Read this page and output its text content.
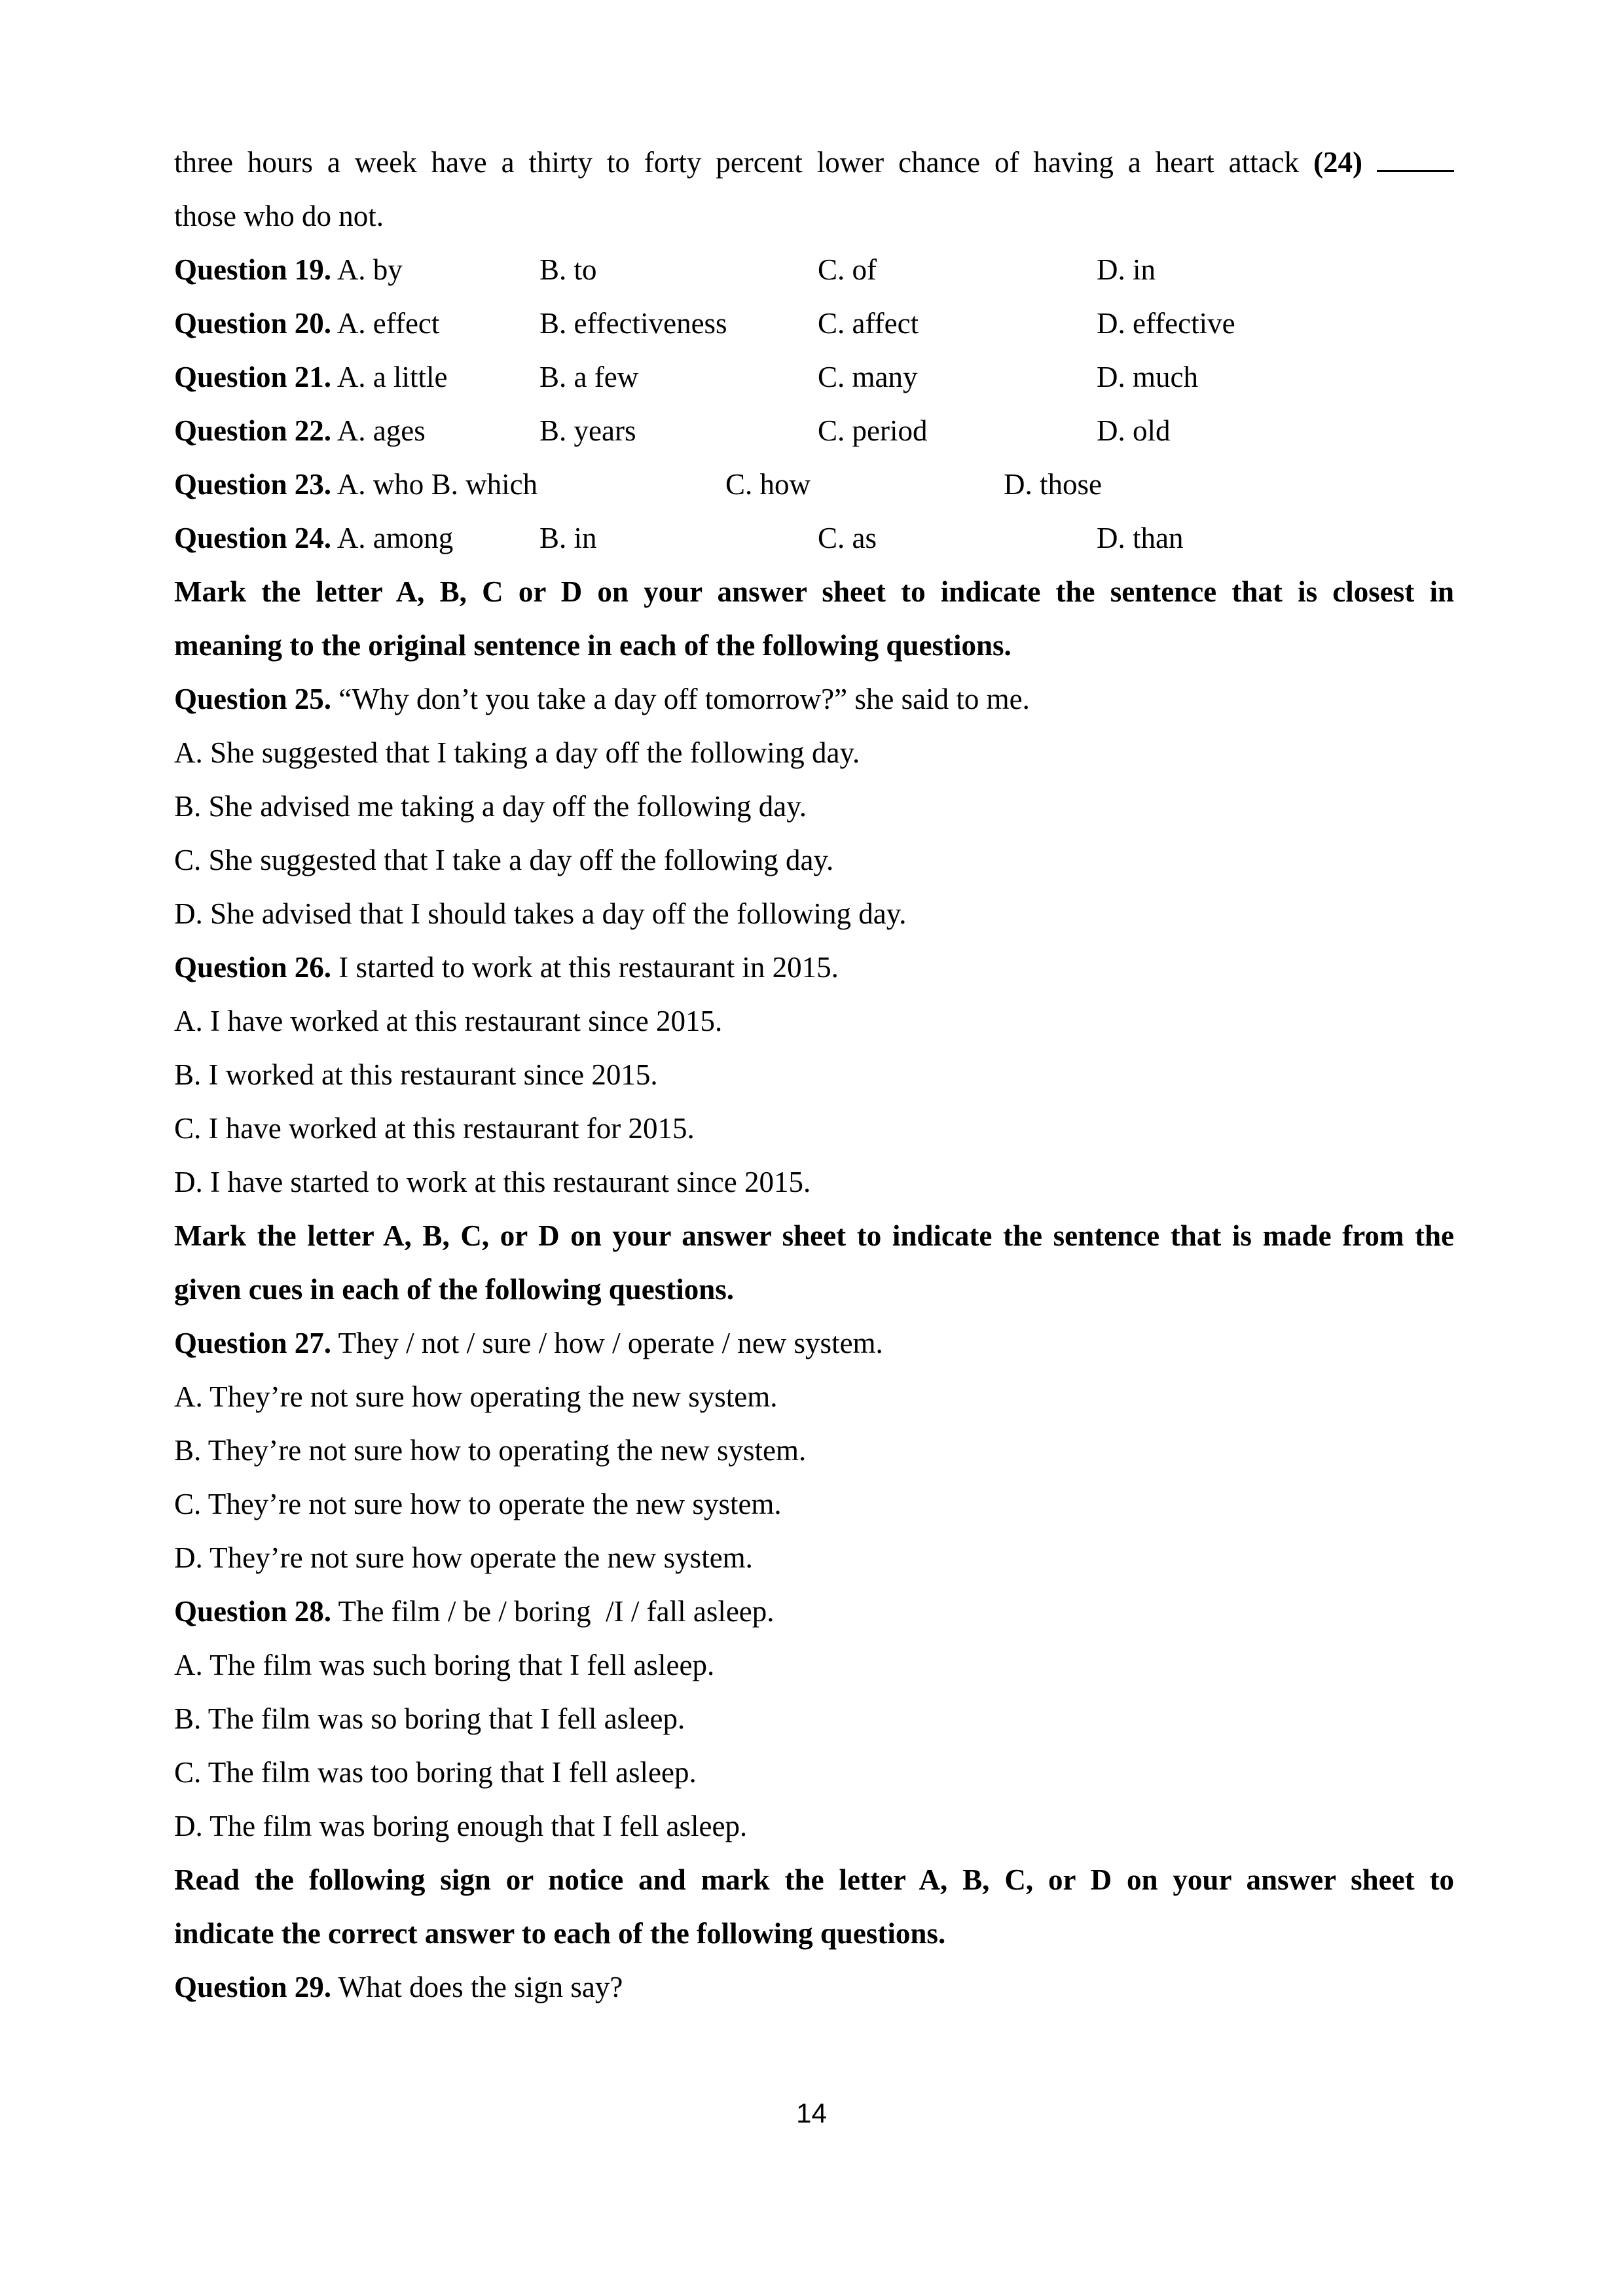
three hours a week have a thirty to forty percent lower chance of having a heart attack (24)
those who do not.
Question 19. A. by	B. to	C. of	D. in
Question 20. A. effect	B. effectiveness	C. affect	D. effective
Question 21. A. a little	B. a few	C. many	D. much
Question 22. A. ages	B. years	C. period	D. old
Question 23. A. who B. which	C. how	D. those
Question 24. A. among	B. in	C. as	D. than
Mark the letter A, B, C or D on your answer sheet to indicate the sentence that is closest in
meaning to the original sentence in each of the following questions.
Question 25. “Why don’t you take a day off tomorrow?” she said to me.
A. She suggested that I taking a day off the following day.
B. She advised me taking a day off the following day.
C. She suggested that I take a day off the following day.
D. She advised that I should takes a day off the following day.
Question 26. I started to work at this restaurant in 2015.
A. I have worked at this restaurant since 2015.
B. I worked at this restaurant since 2015.
C. I have worked at this restaurant for 2015.
D. I have started to work at this restaurant since 2015.
Mark the letter A, B, C, or D on your answer sheet to indicate the sentence that is made from the
given cues in each of the following questions.
Question 27. They / not / sure / how / operate / new system.
A. They’re not sure how operating the new system.
B. They’re not sure how to operating the new system.
C. They’re not sure how to operate the new system.
D. They’re not sure how operate the new system.
Question 28. The film / be / boring  /I / fall asleep.
A. The film was such boring that I fell asleep.
B. The film was so boring that I fell asleep.
C. The film was too boring that I fell asleep.
D. The film was boring enough that I fell asleep.
Read the following sign or notice and mark the letter A, B, C, or D on your answer sheet to
indicate the correct answer to each of the following questions.
Question 29. What does the sign say?
14
